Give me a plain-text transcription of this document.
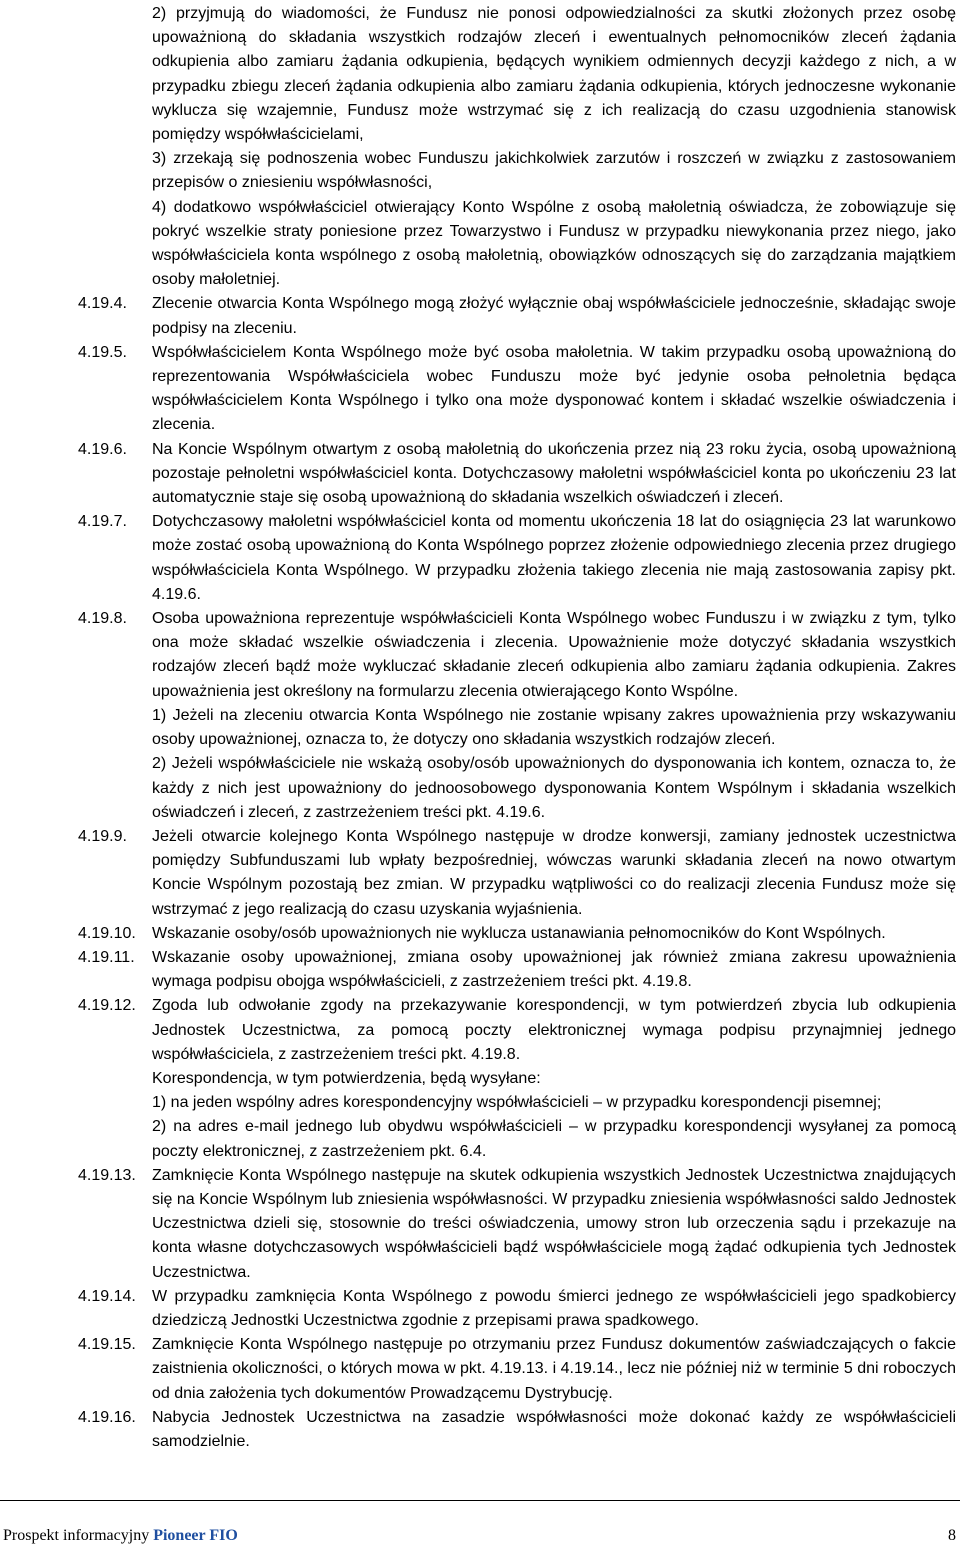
2) przyjmują do wiadomości, że Fundusz nie ponosi odpowiedzialności za skutki złożonych przez osobę upoważnioną do składania wszystkich rodzajów zleceń i ewentualnych pełnomocników zleceń żądania odkupienia albo zamiaru żądania odkupienia, będących wynikiem odmiennych decyzji każdego z nich, a w przypadku zbiegu zleceń żądania odkupienia albo zamiaru żądania odkupienia, których jednoczesne wykonanie wyklucza się wzajemnie, Fundusz może wstrzymać się z ich realizacją do czasu uzgodnienia stanowisk pomiędzy współwłaścicielami,

3) zrzekają się podnoszenia wobec Funduszu jakichkolwiek zarzutów i roszczeń w związku z zastosowaniem przepisów o zniesieniu współwłasności,

4) dodatkowo współwłaściciel otwierający Konto Wspólne z osobą małoletnią oświadcza, że zobowiązuje się pokryć wszelkie straty poniesione przez Towarzystwo i Fundusz w przypadku niewykonania przez niego, jako współwłaściciela konta wspólnego z osobą małoletnią, obowiązków odnoszących się do zarządzania majątkiem osoby małoletniej.

4.19.4. Zlecenie otwarcia Konta Wspólnego mogą złożyć wyłącznie obaj współwłaściciele jednocześnie, składając swoje podpisy na zleceniu.

4.19.5. Współwłaścicielem Konta Wspólnego może być osoba małoletnia. W takim przypadku osobą upoważnioną do reprezentowania Współwłaściciela wobec Funduszu może być jedynie osoba pełnoletnia będąca współwłaścicielem Konta Wspólnego i tylko ona może dysponować kontem i składać wszelkie oświadczenia i zlecenia.

4.19.6. Na Koncie Wspólnym otwartym z osobą małoletnią do ukończenia przez nią 23 roku życia, osobą upoważnioną pozostaje pełnoletni współwłaściciel konta. Dotychczasowy małoletni współwłaściciel konta po ukończeniu 23 lat automatycznie staje się osobą upoważnioną do składania wszelkich oświadczeń i zleceń.

4.19.7. Dotychczasowy małoletni współwłaściciel konta od momentu ukończenia 18 lat do osiągnięcia 23 lat warunkowo może zostać osobą upoważnioną do Konta Wspólnego poprzez złożenie odpowiedniego zlecenia przez drugiego współwłaściciela Konta Wspólnego. W przypadku złożenia takiego zlecenia nie mają zastosowania zapisy pkt. 4.19.6.

4.19.8. Osoba upoważniona reprezentuje współwłaścicieli Konta Wspólnego wobec Funduszu i w związku z tym, tylko ona może składać wszelkie oświadczenia i zlecenia. Upoważnienie może dotyczyć składania wszystkich rodzajów zleceń bądź może wykluczać składanie zleceń odkupienia albo zamiaru żądania odkupienia. Zakres upoważnienia jest określony na formularzu zlecenia otwierającego Konto Wspólne.

1) Jeżeli na zleceniu otwarcia Konta Wspólnego nie zostanie wpisany zakres upoważnienia przy wskazywaniu osoby upoważnionej, oznacza to, że dotyczy ono składania wszystkich rodzajów zleceń.

2) Jeżeli współwłaściciele nie wskażą osoby/osób upoważnionych do dysponowania ich kontem, oznacza to, że każdy z nich jest upoważniony do jednoosobowego dysponowania Kontem Wspólnym i składania wszelkich oświadczeń i zleceń, z zastrzeżeniem treści pkt. 4.19.6.

4.19.9. Jeżeli otwarcie kolejnego Konta Wspólnego następuje w drodze konwersji, zamiany jednostek uczestnictwa pomiędzy Subfunduszami lub wpłaty bezpośredniej, wówczas warunki składania zleceń na nowo otwartym Koncie Wspólnym pozostają bez zmian. W przypadku wątpliwości co do realizacji zlecenia Fundusz może się wstrzymać z jego realizacją do czasu uzyskania wyjaśnienia.

4.19.10. Wskazanie osoby/osób upoważnionych nie wyklucza ustanawiania pełnomocników do Kont Wspólnych.

4.19.11. Wskazanie osoby upoważnionej, zmiana osoby upoważnionej jak również zmiana zakresu upoważnienia wymaga podpisu obojga współwłaścicieli, z zastrzeżeniem treści pkt. 4.19.8.

4.19.12. Zgoda lub odwołanie zgody na przekazywanie korespondencji, w tym potwierdzeń zbycia lub odkupienia Jednostek Uczestnictwa, za pomocą poczty elektronicznej wymaga podpisu przynajmniej jednego współwłaściciela, z zastrzeżeniem treści pkt. 4.19.8.

Korespondencja, w tym potwierdzenia, będą wysyłane:

1) na jeden wspólny adres korespondencyjny współwłaścicieli – w przypadku korespondencji pisemnej;

2) na adres e-mail jednego lub obydwu współwłaścicieli – w przypadku korespondencji wysyłanej za pomocą poczty elektronicznej, z zastrzeżeniem pkt. 6.4.

4.19.13. Zamknięcie Konta Wspólnego następuje na skutek odkupienia wszystkich Jednostek Uczestnictwa znajdujących się na Koncie Wspólnym lub zniesienia współwłasności. W przypadku zniesienia współwłasności saldo Jednostek Uczestnictwa dzieli się, stosownie do treści oświadczenia, umowy stron lub orzeczenia sądu i przekazuje na konta własne dotychczasowych współwłaścicieli bądź współwłaściciele mogą żądać odkupienia tych Jednostek Uczestnictwa.

4.19.14. W przypadku zamknięcia Konta Wspólnego z powodu śmierci jednego ze współwłaścicieli jego spadkobiercy dziedziczą Jednostki Uczestnictwa zgodnie z przepisami prawa spadkowego.

4.19.15. Zamknięcie Konta Wspólnego następuje po otrzymaniu przez Fundusz dokumentów zaświadczających o fakcie zaistnienia okoliczności, o których mowa w pkt. 4.19.13. i 4.19.14., lecz nie później niż w terminie 5 dni roboczych od dnia założenia tych dokumentów Prowadzącemu Dystrybucję.

4.19.16. Nabycia Jednostek Uczestnictwa na zasadzie współwłasności może dokonać każdy ze współwłaścicieli samodzielnie.

Prospekt informacyjny Pioneer FIO	8
